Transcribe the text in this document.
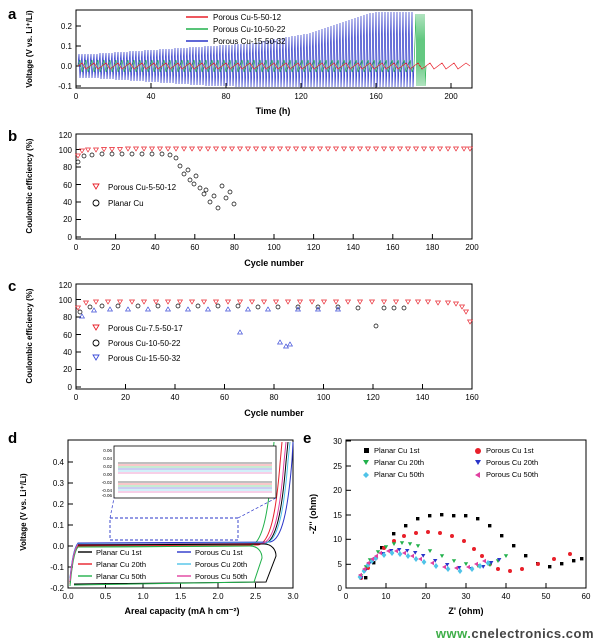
a
-0.1
0.0
0.1
0.2
0	40	80	120	160	200
Time (h)
Voltage (V vs. Li⁺/Li)	Porous Cu-5-50-12
Porous Cu-10-50-22
Porous Cu-15-50-32
b
0
20
40
60
80
100
120
0	20	40	60	80	100	120	140	160	180	200
Cycle number
Coulombic efficiency (%)	Porous Cu-5-50-12
Planar Cu
c
0
20
40
60
80
100
120
0	20	40	60	80	100	120	140	160
Cycle number
Coulombic efficiency (%)	Porous Cu-7.5-50-17
Porous Cu-10-50-22
Porous Cu-15-50-32
d
-0.2
-0.1
0.0
0.1
0.2
0.3
0.4
0.0	0.5	1.0	1.5	2.0	2.5	3.0
Areal capacity (mA h cm⁻²)
Voltage (V vs. Li⁺/Li)
0.06
0.04
0.02
0.00
-0.02
-0.04
-0.06
Planar Cu 1st
Planar Cu 20th
Planar Cu 50th
Porous Cu 1st
Porous Cu 20th
Porous Cu 50th
e
0
5
10
15
20
25
30
0	10	20	30	40	50	60
Z' (ohm)
-Z'' (ohm)
Planar Cu 1st	Porous Cu 1st
Planar Cu 20th	Porous Cu 20th
Planar Cu 50th	Porous Cu 50th
www.cnelectronics.com
